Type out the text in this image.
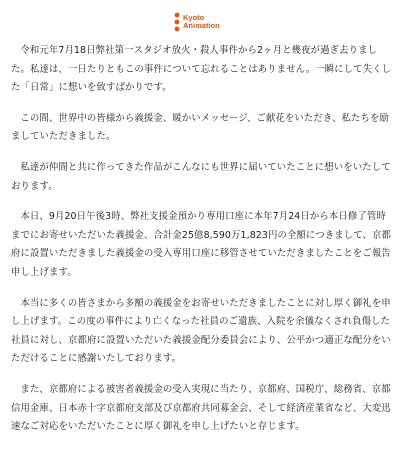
Kyoto
Animation

令和元年7月18日弊社第一スタジオ放火・殺人事件から2ヶ月と幾夜が過ぎ去りました。私達は、一日たりともこの事件について忘れることはありません。一瞬にして失くした「日常」に想いを致すばかりです。

この間、世界中の皆様から義援金、暖かいメッセージ、ご献花をいただき、私たちを励ましていただきました。

私達が仲間と共に作ってきた作品がこんなにも世界に届いていたことに想いをいたしております。

本日、9月20日午後3時、弊社支援金預かり専用口座に本年7月24日から本日修了管時までにお寄せいただいた義援金、合計金25億8,590万1,823円の全額につきまして、京都府に設置いただきました義援金の受入専用口座に移管させていただきましたことをご報告申し上げます。

本当に多くの皆さまから多額の義援金をお寄せいただきましたことに対し厚く御礼を申し上げます。この度の事件により亡くなった社員のご遺族、入院を余儀なくされ負傷した社員に対し、京都府に設置いただいた義援金配分委員会により、公平かつ適正な配分をいただけることに感謝いたしております。

また、京都府による被害者義援金の受入実現に当たり、京都府、国税庁、総務省、京都信用金庫、日本赤十字京都府支部及び京都府共同募金会、そして経済産業省など、大変迅速なご対応をいただいたことに厚く御礼を申し上げたいと存じます。
